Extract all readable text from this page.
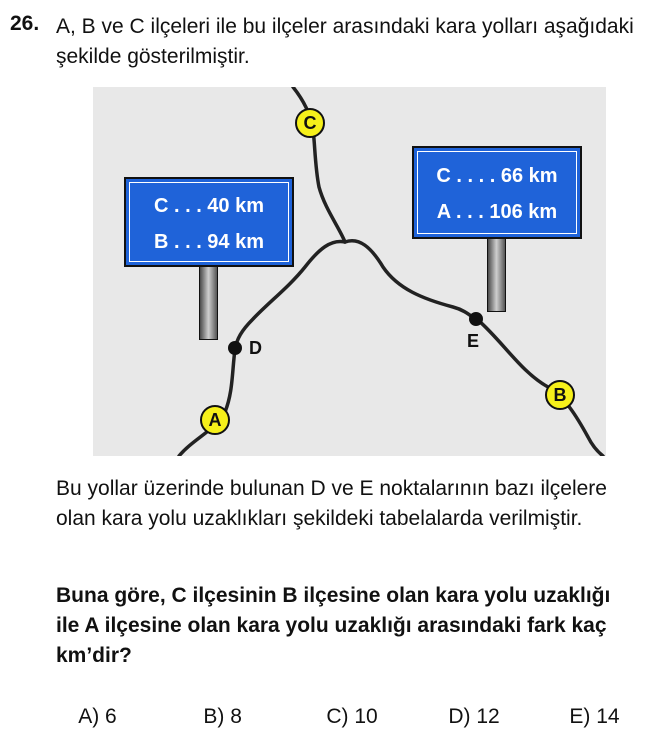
26. A, B ve C ilçeleri ile bu ilçeler arasındaki kara yolları aşağıdaki şekilde gösterilmiştir.
C . . . 40 km
B . . . 94 km
C . . . . 66 km
A . . . 106 km
D	E
C
A
B
Bu yollar üzerinde bulunan D ve E noktalarının bazı ilçelere olan kara yolu uzaklıkları şekildeki tabelalarda verilmiştir.
Buna göre, C ilçesinin B ilçesine olan kara yolu uzaklığı ile A ilçesine olan kara yolu uzaklığı arasındaki fark kaç km’dir?

A) 6
	B) 8
	C) 10
	D) 12
	E) 14
